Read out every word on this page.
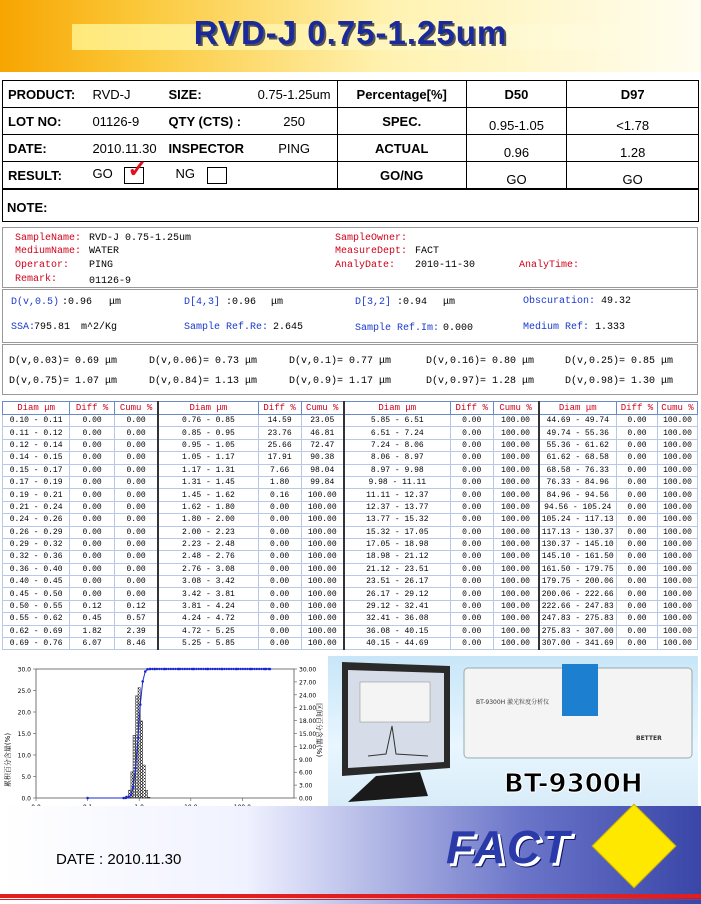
RVD-J 0.75-1.25um
PRODUCT:	RVD-J	SIZE:	0.75-1.25um	Percentage[%]	D50	D97
LOT NO:	01126-9	QTY (CTS) :	250	SPEC.	0.95-1.05	<1.78
DATE:	2010.11.30	INSPECTOR	PING	ACTUAL	0.96	1.28
RESULT:	GO ✓	NG		GO/NG	GO	GO
NOTE:
SampleName: RVD-J 0.75-1.25um
MediumName: WATER
Operator: PING
Remark:	01126-9
SampleOwner:
MeasureDept: FACT
AnalyDate: 2010-11-30	AnalyTime:
D(v,0.5) :0.96 μm	D[4,3] :0.96 μm	D[3,2] :0.94 μm	Obscuration: 49.32
SSA:
795.81 m^2/Kg	Sample Ref.Re: 2.645	Sample Ref.Im: 0.000	Medium Ref: 1.333
D(v,0.03)= 0.69 μm	D(v,0.06)= 0.73 μm	D(v,0.1)= 0.77 μm	D(v,0.16)= 0.80 μm	D(v,0.25)= 0.85 μm
D(v,0.75)= 1.07 μm	D(v,0.84)= 1.13 μm	D(v,0.9)= 1.17 μm	D(v,0.97)= 1.28 μm	D(v,0.98)= 1.30 μm
Diam μm	Diff %	Cumu %	Diam μm	Diff %	Cumu %	Diam μm	Diff %	Cumu %	Diam μm	Diff %	Cumu %
0.10 - 0.11	0.00	0.00	0.76 - 0.85	14.59	23.05	5.85 - 6.51	0.00	100.00	44.69 - 49.74	0.00	100.00
0.11 - 0.12	0.00	0.00	0.85 - 0.95	23.76	46.81	6.51 - 7.24	0.00	100.00	49.74 - 55.36	0.00	100.00
0.12 - 0.14	0.00	0.00	0.95 - 1.05	25.66	72.47	7.24 - 8.06	0.00	100.00	55.36 - 61.62	0.00	100.00
0.14 - 0.15	0.00	0.00	1.05 - 1.17	17.91	90.38	8.06 - 8.97	0.00	100.00	61.62 - 68.58	0.00	100.00
0.15 - 0.17	0.00	0.00	1.17 - 1.31	7.66	98.04	8.97 - 9.98	0.00	100.00	68.58 - 76.33	0.00	100.00
0.17 - 0.19	0.00	0.00	1.31 - 1.45	1.80	99.84	9.98 - 11.11	0.00	100.00	76.33 - 84.96	0.00	100.00
0.19 - 0.21	0.00	0.00	1.45 - 1.62	0.16	100.00	11.11 - 12.37	0.00	100.00	84.96 - 94.56	0.00	100.00
0.21 - 0.24	0.00	0.00	1.62 - 1.80	0.00	100.00	12.37 - 13.77	0.00	100.00	94.56 - 105.24	0.00	100.00
0.24 - 0.26	0.00	0.00	1.80 - 2.00	0.00	100.00	13.77 - 15.32	0.00	100.00	105.24 - 117.13	0.00	100.00
0.26 - 0.29	0.00	0.00	2.00 - 2.23	0.00	100.00	15.32 - 17.05	0.00	100.00	117.13 - 130.37	0.00	100.00
0.29 - 0.32	0.00	0.00	2.23 - 2.48	0.00	100.00	17.05 - 18.98	0.00	100.00	130.37 - 145.10	0.00	100.00
0.32 - 0.36	0.00	0.00	2.48 - 2.76	0.00	100.00	18.98 - 21.12	0.00	100.00	145.10 - 161.50	0.00	100.00
0.36 - 0.40	0.00	0.00	2.76 - 3.08	0.00	100.00	21.12 - 23.51	0.00	100.00	161.50 - 179.75	0.00	100.00
0.40 - 0.45	0.00	0.00	3.08 - 3.42	0.00	100.00	23.51 - 26.17	0.00	100.00	179.75 - 200.06	0.00	100.00
0.45 - 0.50	0.00	0.00	3.42 - 3.81	0.00	100.00	26.17 - 29.12	0.00	100.00	200.06 - 222.66	0.00	100.00
0.50 - 0.55	0.12	0.12	3.81 - 4.24	0.00	100.00	29.12 - 32.41	0.00	100.00	222.66 - 247.83	0.00	100.00
0.55 - 0.62	0.45	0.57	4.24 - 4.72	0.00	100.00	32.41 - 36.08	0.00	100.00	247.83 - 275.83	0.00	100.00
0.62 - 0.69	1.82	2.39	4.72 - 5.25	0.00	100.00	36.08 - 40.15	0.00	100.00	275.83 - 307.00	0.00	100.00
0.69 - 0.76	6.07	8.46	5.25 - 5.85	0.00	100.00	40.15 - 44.69	0.00	100.00	307.00 - 341.69	0.00	100.00
0.0
5.0
10.0
15.0
20.0
25.0
30.0
0.00
3.00
6.00
9.00
12.00
15.00
18.00
21.00
24.00
27.00
30.00
累积百分含量(%)
区间百分含量(%)
BT-9300H 激光粒度分析仪
BETTER
BT-9300H
DATE : 2010.11.30	FACT
